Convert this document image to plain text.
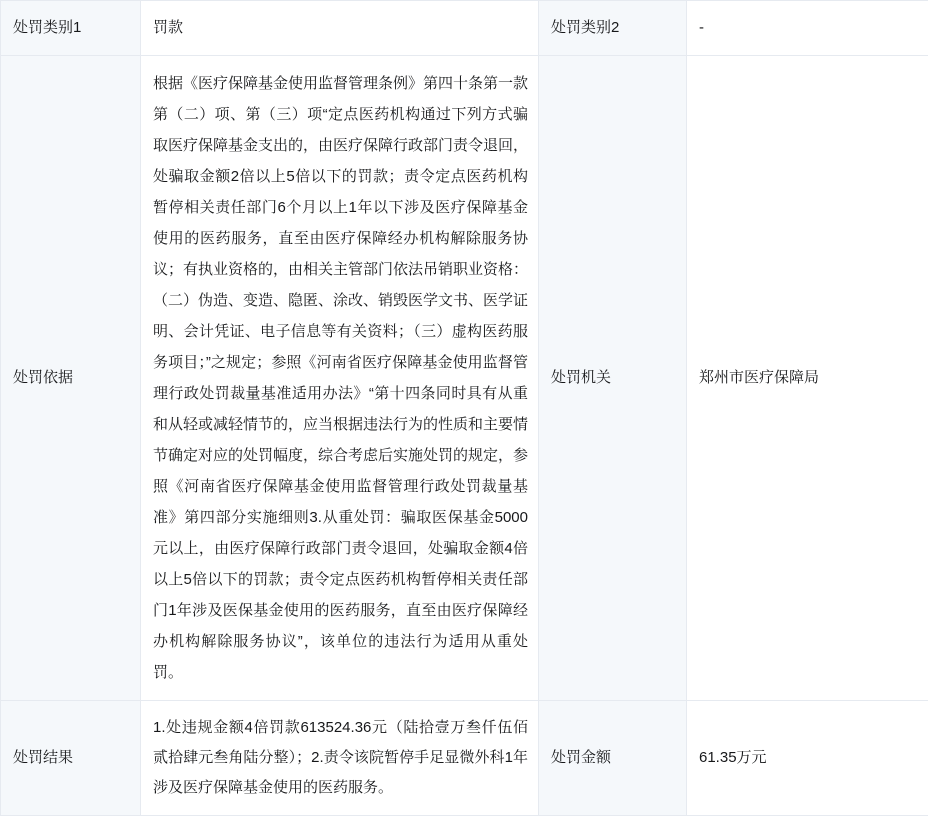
处罚类别1	罚款	处罚类别2	-
处罚依据	根据《医疗保障基金使用监督管理条例》第四十条第一款第（二）项、第（三）项“定点医药机构通过下列方式骗取医疗保障基金支出的，由医疗保障行政部门责令退回，处骗取金额2倍以上5倍以下的罚款；责令定点医药机构暂停相关责任部门6个月以上1年以下涉及医疗保障基金使用的医药服务，直至由医疗保障经办机构解除服务协议；有执业资格的，由相关主管部门依法吊销职业资格：（二）伪造、变造、隐匿、涂改、销毁医学文书、医学证明、会计凭证、电子信息等有关资料；（三）虚构医药服务项目；”之规定；参照《河南省医疗保障基金使用监督管理行政处罚裁量基准适用办法》“第十四条同时具有从重和从轻或减轻情节的，应当根据违法行为的性质和主要情节确定对应的处罚幅度，综合考虑后实施处罚的规定，参照《河南省医疗保障基金使用监督管理行政处罚裁量基准》第四部分实施细则3.从重处罚：骗取医保基金5000元以上，由医疗保障行政部门责令退回，处骗取金额4倍以上5倍以下的罚款；责令定点医药机构暂停相关责任部门1年涉及医保基金使用的医药服务，直至由医疗保障经办机构解除服务协议”，该单位的违法行为适用从重处罚。	处罚机关	郑州市医疗保障局
处罚结果	1.处违规金额4倍罚款613524.36元（陆拾壹万叁仟伍佰贰拾肆元叁角陆分整）；2.责令该院暂停手足显微外科1年涉及医疗保障基金使用的医药服务。	处罚金额	61.35万元
